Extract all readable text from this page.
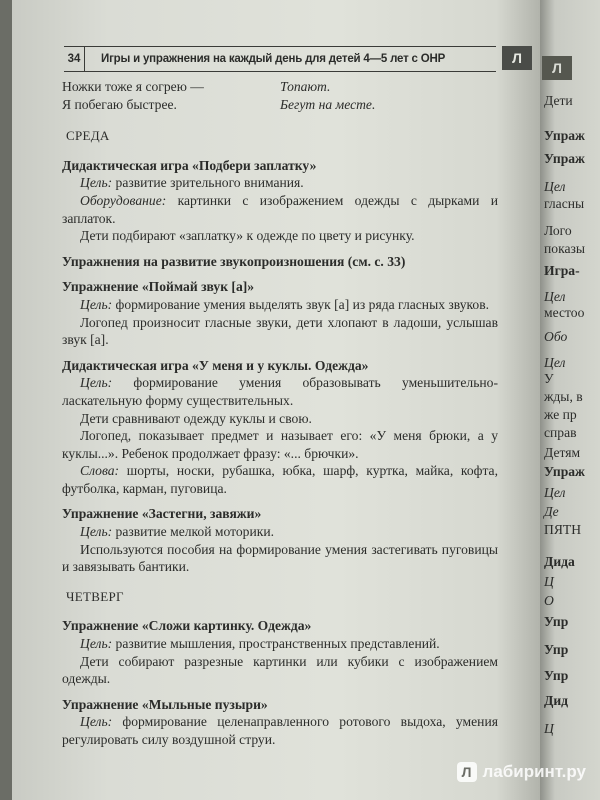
34	Игры и упражнения на каждый день для детей 4—5 лет с ОНР	Л
Ножки тоже я согрею —
Я побегаю быстрее.
Топают.
Бегут на месте.
СРЕДА
Дидактическая игра «Подбери заплатку»
Цель: развитие зрительного внимания.
Оборудование: картинки с изображением одежды с дырками и заплаток.
Дети подбирают «заплатку» к одежде по цвету и рисунку.
Упражнения на развитие звукопроизношения (см. с. 33)
Упражнение «Поймай звук [а]»
Цель: формирование умения выделять звук [а] из ряда гласных звуков.
Логопед произносит гласные звуки, дети хлопают в ладоши, услышав звук [а].
Дидактическая игра «У меня и у куклы. Одежда»
Цель: формирование умения образовывать уменьшительно-ласкательную форму существительных.
Дети сравнивают одежду куклы и свою.
Логопед, показывает предмет и называет его: «У меня брюки, а у куклы...». Ребенок продолжает фразу: «... брючки».
Слова: шорты, носки, рубашка, юбка, шарф, куртка, майка, кофта, футболка, карман, пуговица.
Упражнение «Застегни, завяжи»
Цель: развитие мелкой моторики.
Используются пособия на формирование умения застегивать пуговицы и завязывать бантики.
ЧЕТВЕРГ
Упражнение «Сложи картинку. Одежда»
Цель: развитие мышления, пространственных представлений.
Дети собирают разрезные картинки или кубики с изображением одежды.
Упражнение «Мыльные пузыри»
Цель: формирование целенаправленного ротового выдоха, умения регулировать силу воздушной струи.
Л
Дети
Упраж
Упраж
Цел
гласны
Лого
показы
Игра-
Цел
местоо
Обо
Цел
У
жды, в
же пр
справ
Детям
Упраж
Цел
Де
ПЯТН
Дида
Ц
О
Упр
Упр
Упр
Дид
Ц
Л лабиринт.ру
